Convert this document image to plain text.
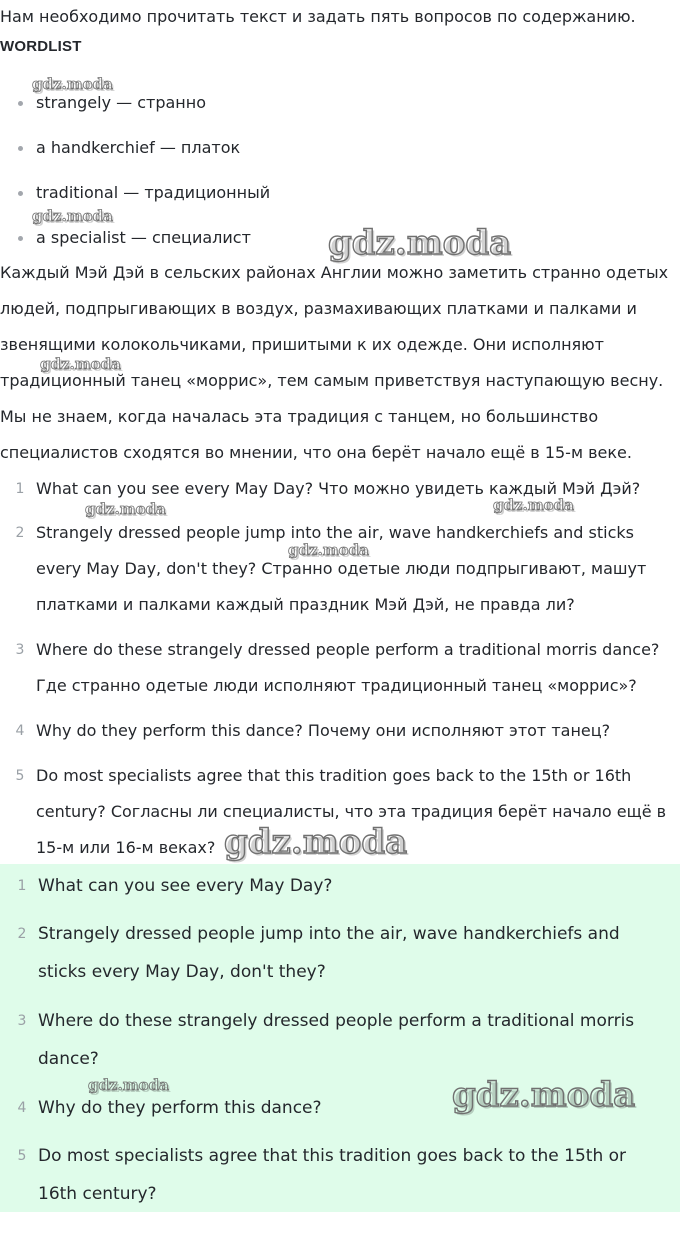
Нам необходимо прочитать текст и задать пять вопросов по содержанию.
WORDLIST
strangely — странно
a handkerchief — платок
traditional — традиционный
a specialist — специалист
Каждый Мэй Дэй в сельских районах Англии можно заметить странно одетых
людей, подпрыгивающих в воздух, размахивающих платками и палками и
звенящими колокольчиками, пришитыми к их одежде. Они исполняют
традиционный танец «моррис», тем самым приветствуя наступающую весну.
Мы не знаем, когда началась эта традиция с танцем, но большинство
специалистов сходятся во мнении, что она берёт начало ещё в 15-м веке.
1 What can you see every May Day? Что можно увидеть каждый Мэй Дэй?
2 Strangely dressed people jump into the air, wave handkerchiefs and sticks
every May Day, don't they? Странно одетые люди подпрыгивают, машут
платками и палками каждый праздник Мэй Дэй, не правда ли?
3 Where do these strangely dressed people perform a traditional morris dance?
Где странно одетые люди исполняют традиционный танец «моррис»?
4 Why do they perform this dance? Почему они исполняют этот танец?
5 Do most specialists agree that this tradition goes back to the 15th or 16th
century? Согласны ли специалисты, что эта традиция берёт начало ещё в
15-м или 16-м веках?
1 What can you see every May Day?
2 Strangely dressed people jump into the air, wave handkerchiefs and
sticks every May Day, don't they?
3 Where do these strangely dressed people perform a traditional morris
dance?
4 Why do they perform this dance?
5 Do most specialists agree that this tradition goes back to the 15th or
16th century?
gdz.moda
gdz.moda
gdz.moda
gdz.moda
gdz.moda	gdz.moda
gdz.moda
gdz.moda
gdz.moda	gdz.moda
